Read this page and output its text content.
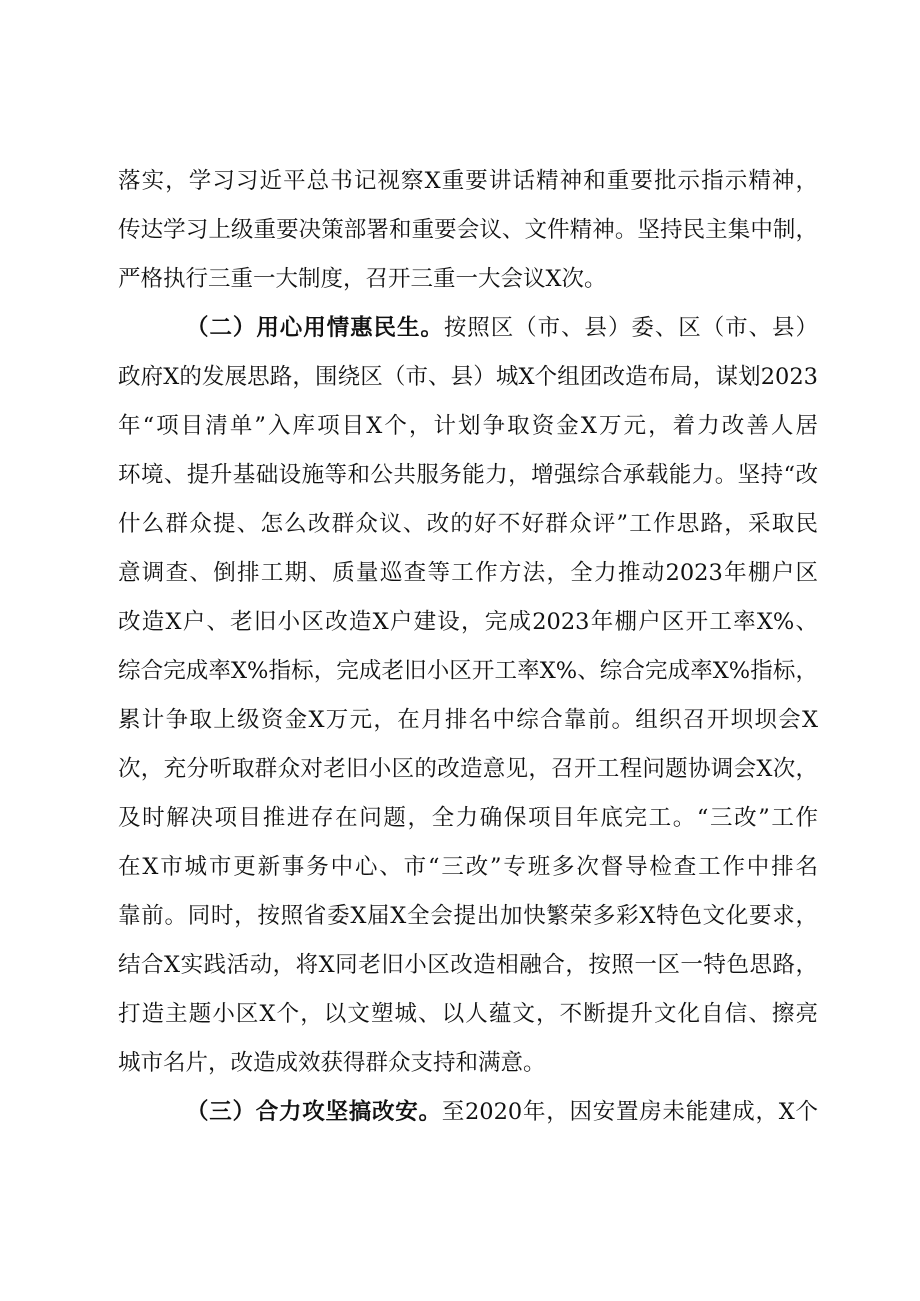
落实，学习习近平总书记视察X重要讲话精神和重要批示指示精神，
传达学习上级重要决策部署和重要会议、文件精神。坚持民主集中制，
严格执行三重一大制度，召开三重一大会议X次。
（二）用心用情惠民生。按照区（市、县）委、区（市、县）
政府X的发展思路，围绕区（市、县）城X个组团改造布局，谋划2023
年“项目清单”入库项目X个，计划争取资金X万元，着力改善人居
环境、提升基础设施等和公共服务能力，增强综合承载能力。坚持“改
什么群众提、怎么改群众议、改的好不好群众评”工作思路，采取民
意调查、倒排工期、质量巡查等工作方法，全力推动2023年棚户区
改造X户、老旧小区改造X户建设，完成2023年棚户区开工率X%、
综合完成率X%指标，完成老旧小区开工率X%、综合完成率X%指标，
累计争取上级资金X万元，在月排名中综合靠前。组织召开坝坝会X
次，充分听取群众对老旧小区的改造意见，召开工程问题协调会X次，
及时解决项目推进存在问题，全力确保项目年底完工。“三改”工作
在X市城市更新事务中心、市“三改”专班多次督导检查工作中排名
靠前。同时，按照省委X届X全会提出加快繁荣多彩X特色文化要求，
结合X实践活动，将X同老旧小区改造相融合，按照一区一特色思路，
打造主题小区X个，以文塑城、以人蕴文，不断提升文化自信、擦亮
城市名片，改造成效获得群众支持和满意。
（三）合力攻坚搞改安。至2020年，因安置房未能建成，X个
